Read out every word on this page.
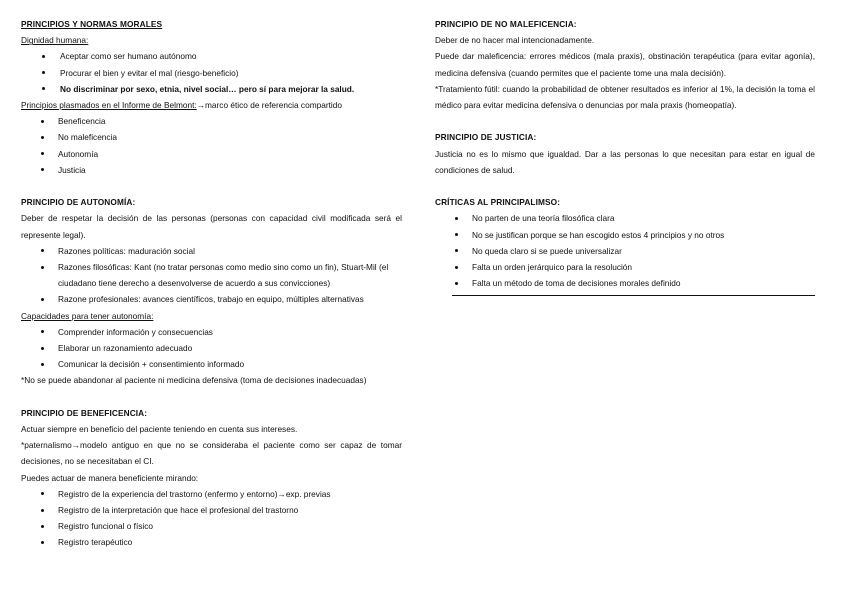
PRINCIPIOS Y NORMAS MORALES
Dignidad humana:
Aceptar como ser humano autónomo
Procurar el bien y evitar el mal (riesgo-beneficio)
No discriminar por sexo, etnia, nivel social… pero sí para mejorar la salud.
Principios plasmados en el Informe de Belmont:→marco ético de referencia compartido
Beneficencia
No maleficencia
Autonomía
Justicia
PRINCIPIO DE AUTONOMÍA:
Deber de respetar la decisión de las personas (personas con capacidad civil modificada será el represente legal).
Razones políticas: maduración social
Razones filosóficas: Kant (no tratar personas como medio sino como un fin), Stuart-Mil (el ciudadano tiene derecho a desenvolverse de acuerdo a sus convicciones)
Razone profesionales: avances científicos, trabajo en equipo, múltiples alternativas
Capacidades para tener autonomía:
Comprender información y consecuencias
Elaborar un razonamiento adecuado
Comunicar la decisión + consentimiento informado
*No se puede abandonar al paciente ni medicina defensiva (toma de decisiones inadecuadas)
PRINCIPIO DE BENEFICENCIA:
Actuar siempre en beneficio del paciente teniendo en cuenta sus intereses.
*paternalismo→modelo antiguo en que no se consideraba el paciente como ser capaz de tomar decisiones, no se necesitaban el CI.
Puedes actuar de manera beneficiente mirando:
Registro de la experiencia del trastorno (enfermo y entorno)→exp. previas
Registro de la interpretación que hace el profesional del trastorno
Registro funcional o físico
Registro terapéutico
PRINCIPIO DE NO MALEFICENCIA:
Deber de no hacer mal intencionadamente.
Puede dar maleficencia: errores médicos (mala praxis), obstinación terapéutica (para evitar agonía), medicina defensiva (cuando permites que el paciente tome una mala decisión).
*Tratamiento fútil: cuando la probabilidad de obtener resultados es inferior al 1%, la decisión la toma el médico para evitar medicina defensiva o denuncias por mala praxis (homeopatía).
PRINCIPIO DE JUSTICIA:
Justicia no es lo mismo que igualdad. Dar a las personas lo que necesitan para estar en igual de condiciones de salud.
CRÍTICAS AL PRINCIPALIMSO:
No parten de una teoría filosófica clara
No se justifican porque se han escogido estos 4 principios y no otros
No queda claro si se puede universalizar
Falta un orden jerárquico para la resolución
Falta un método de toma de decisiones morales definido
